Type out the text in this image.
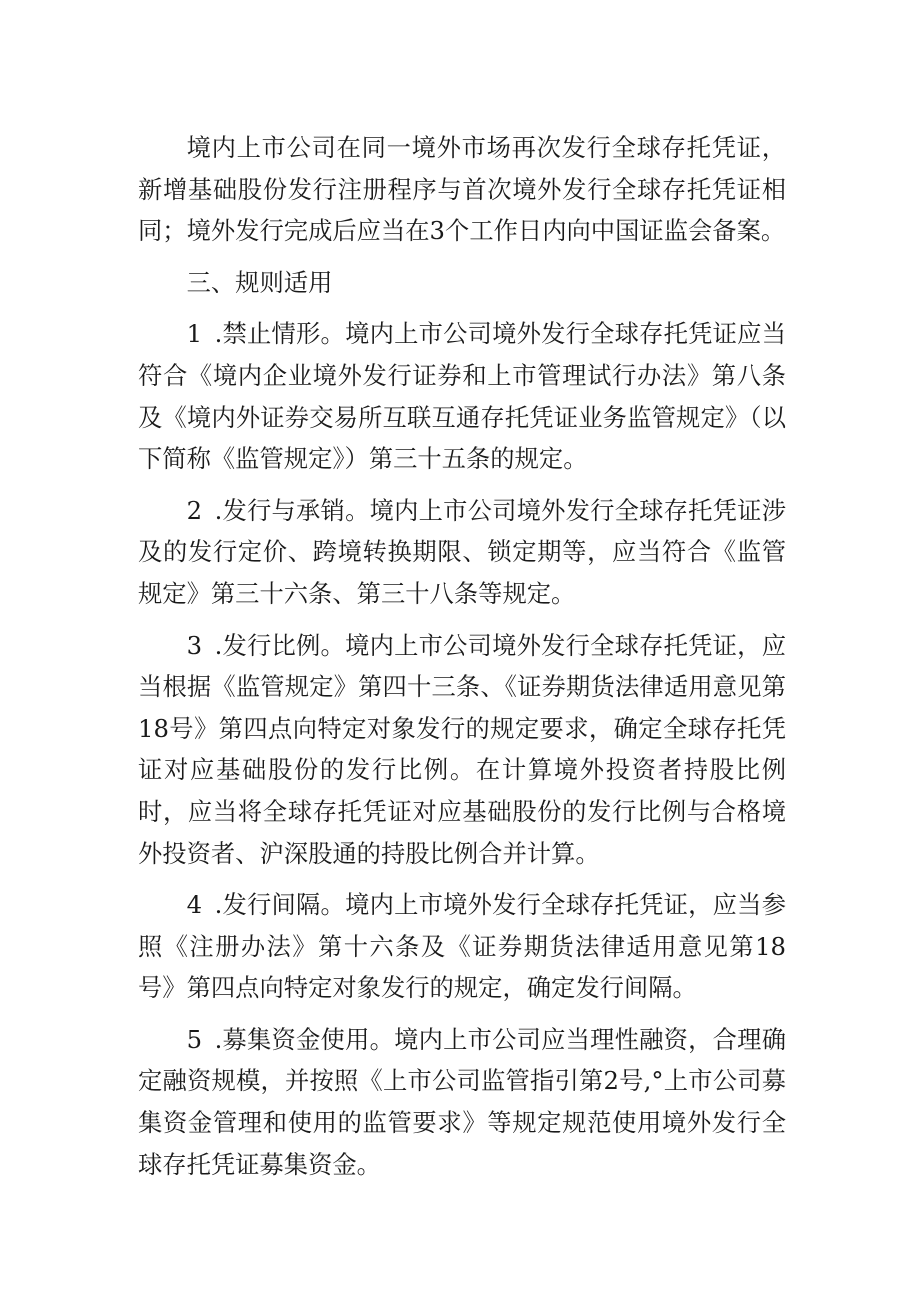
境内上市公司在同一境外市场再次发行全球存托凭证，新增基础股份发行注册程序与首次境外发行全球存托凭证相同；境外发行完成后应当在3个工作日内向中国证监会备案。

三、规则适用

1 .禁止情形。境内上市公司境外发行全球存托凭证应当符合《境内企业境外发行证券和上市管理试行办法》第八条及《境内外证券交易所互联互通存托凭证业务监管规定》（以下简称《监管规定》）第三十五条的规定。

2 .发行与承销。境内上市公司境外发行全球存托凭证涉及的发行定价、跨境转换期限、锁定期等，应当符合《监管规定》第三十六条、第三十八条等规定。

3 .发行比例。境内上市公司境外发行全球存托凭证，应当根据《监管规定》第四十三条、《证券期货法律适用意见第18号》第四点向特定对象发行的规定要求，确定全球存托凭证对应基础股份的发行比例。在计算境外投资者持股比例时，应当将全球存托凭证对应基础股份的发行比例与合格境外投资者、沪深股通的持股比例合并计算。

4 .发行间隔。境内上市境外发行全球存托凭证，应当参照《注册办法》第十六条及《证券期货法律适用意见第18号》第四点向特定对象发行的规定，确定发行间隔。

5 .募集资金使用。境内上市公司应当理性融资，合理确定融资规模，并按照《上市公司监管指引第2号,°上市公司募集资金管理和使用的监管要求》等规定规范使用境外发行全球存托凭证募集资金。
